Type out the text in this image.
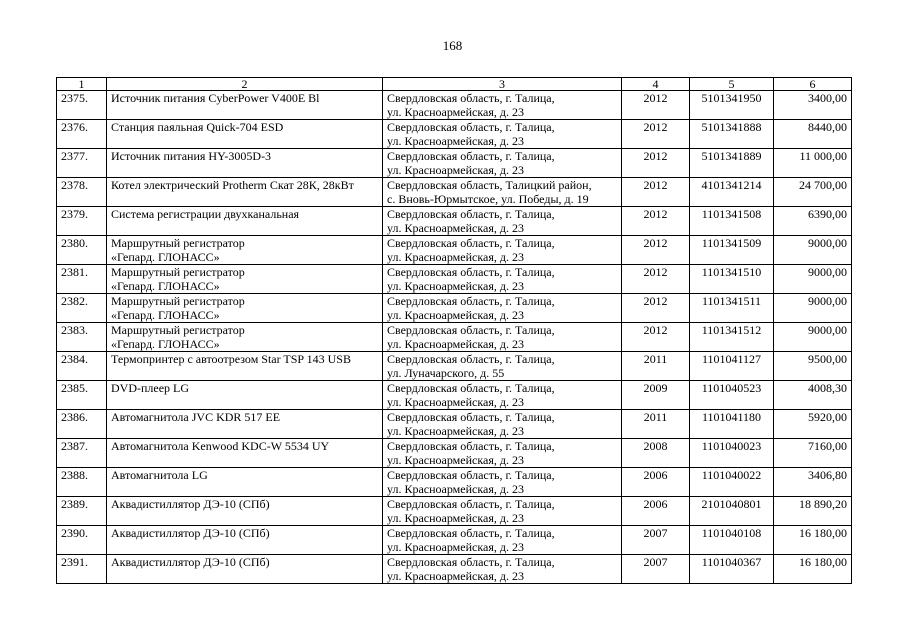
168
1	2	3	4	5	6
2375.	Источник питания CyberPower V400E Bl	Свердловская область, г. Талица,
ул. Красноармейская, д. 23	2012	5101341950	3400,00
2376.	Станция паяльная Quick-704 ESD	Свердловская область, г. Талица,
ул. Красноармейская, д. 23	2012	5101341888	8440,00
2377.	Источник питания HY-3005D-3	Свердловская область, г. Талица,
ул. Красноармейская, д. 23	2012	5101341889	11 000,00
2378.	Котел электрический Protherm Скат 28К, 28кВт	Свердловская область, Талицкий район,
с. Вновь-Юрмытское, ул. Победы, д. 19	2012	4101341214	24 700,00
2379.	Система регистрации двухканальная	Свердловская область, г. Талица,
ул. Красноармейская, д. 23	2012	1101341508	6390,00
2380.	Маршрутный регистратор
«Гепард. ГЛОНАСС»	Свердловская область, г. Талица,
ул. Красноармейская, д. 23	2012	1101341509	9000,00
2381.	Маршрутный регистратор
«Гепард. ГЛОНАСС»	Свердловская область, г. Талица,
ул. Красноармейская, д. 23	2012	1101341510	9000,00
2382.	Маршрутный регистратор
«Гепард. ГЛОНАСС»	Свердловская область, г. Талица,
ул. Красноармейская, д. 23	2012	1101341511	9000,00
2383.	Маршрутный регистратор
«Гепард. ГЛОНАСС»	Свердловская область, г. Талица,
ул. Красноармейская, д. 23	2012	1101341512	9000,00
2384.	Термопринтер с автоотрезом Star TSP 143 USB	Свердловская область, г. Талица,
ул. Луначарского, д. 55	2011	1101041127	9500,00
2385.	DVD-плеер LG	Свердловская область, г. Талица,
ул. Красноармейская, д. 23	2009	1101040523	4008,30
2386.	Автомагнитола JVC KDR 517 EE	Свердловская область, г. Талица,
ул. Красноармейская, д. 23	2011	1101041180	5920,00
2387.	Автомагнитола Kenwood KDC-W 5534 UY	Свердловская область, г. Талица,
ул. Красноармейская, д. 23	2008	1101040023	7160,00
2388.	Автомагнитола LG	Свердловская область, г. Талица,
ул. Красноармейская, д. 23	2006	1101040022	3406,80
2389.	Аквадистиллятор ДЭ-10 (СПб)	Свердловская область, г. Талица,
ул. Красноармейская, д. 23	2006	2101040801	18 890,20
2390.	Аквадистиллятор ДЭ-10 (СПб)	Свердловская область, г. Талица,
ул. Красноармейская, д. 23	2007	1101040108	16 180,00
2391.	Аквадистиллятор ДЭ-10 (СПб)	Свердловская область, г. Талица,
ул. Красноармейская, д. 23	2007	1101040367	16 180,00
